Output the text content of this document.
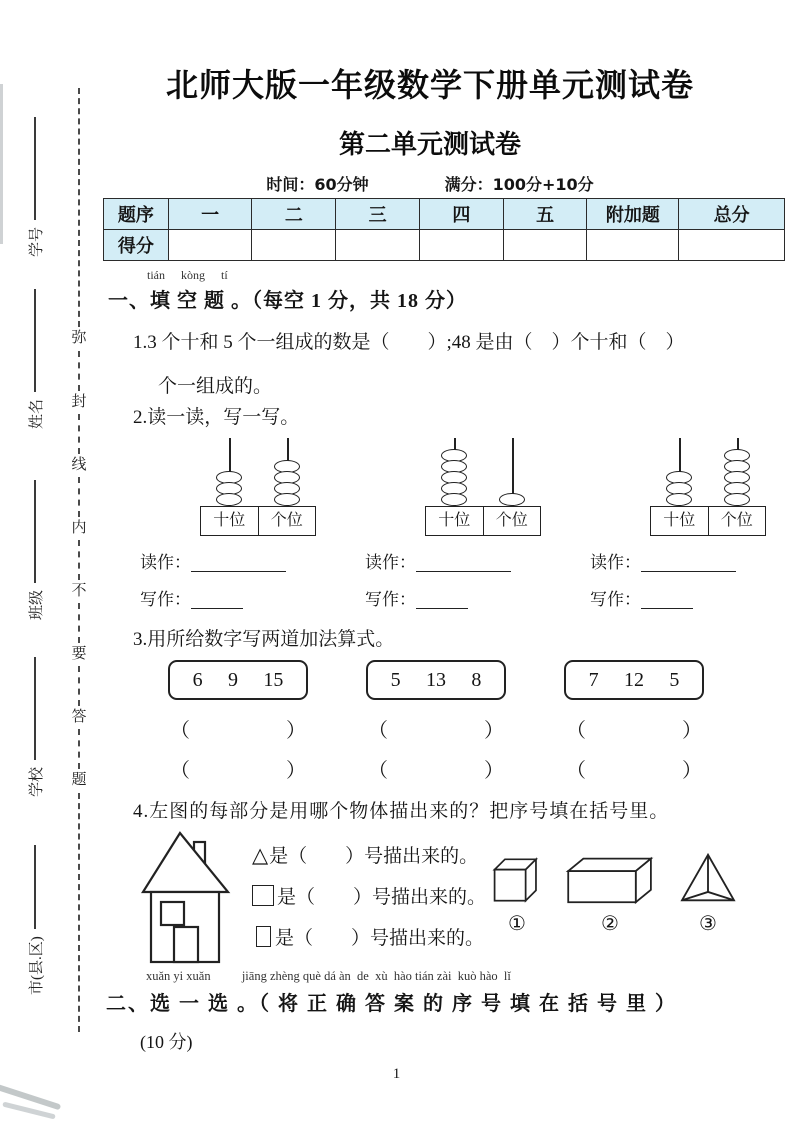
学号
姓名
班级
学校
市(县.区)
弥
封
线
内
不
要
答
题
北师大版一年级数学下册单元测试卷
第二单元测试卷
时间：60分钟	满分：100分+10分
题序	一	二	三	四	五	附加题	总分
得分							
tián kòng tí
一、填 空 题 。（每空 1 分，共 18 分）
1.3 个十和 5 个一组成的数是（　　）;48 是由（　）个十和（　）
个一组成的。
2.读一读，写一写。
十位	个位
读作：
写作：
十位	个位
读作：
写作：
十位	个位
读作：
写作：
3.用所给数字写两道加法算式。
6 9 15
（	）
（	）
5 13 8
（	）
（	）
7 12 5
（	）
（	）
4.左图的每部分是用哪个物体描出来的？把序号填在括号里。
△ 是（　　）号描出来的。
是（　　）号描出来的。
是（　　）号描出来的。
①	②	③
xuǎn yi xuǎn          jiāng zhèng què dá àn  de  xù  hào tián zài  kuò hào  lǐ
二、选 一 选 。（ 将 正 确 答 案 的 序 号 填 在 括 号 里 ）
(10 分)
1
